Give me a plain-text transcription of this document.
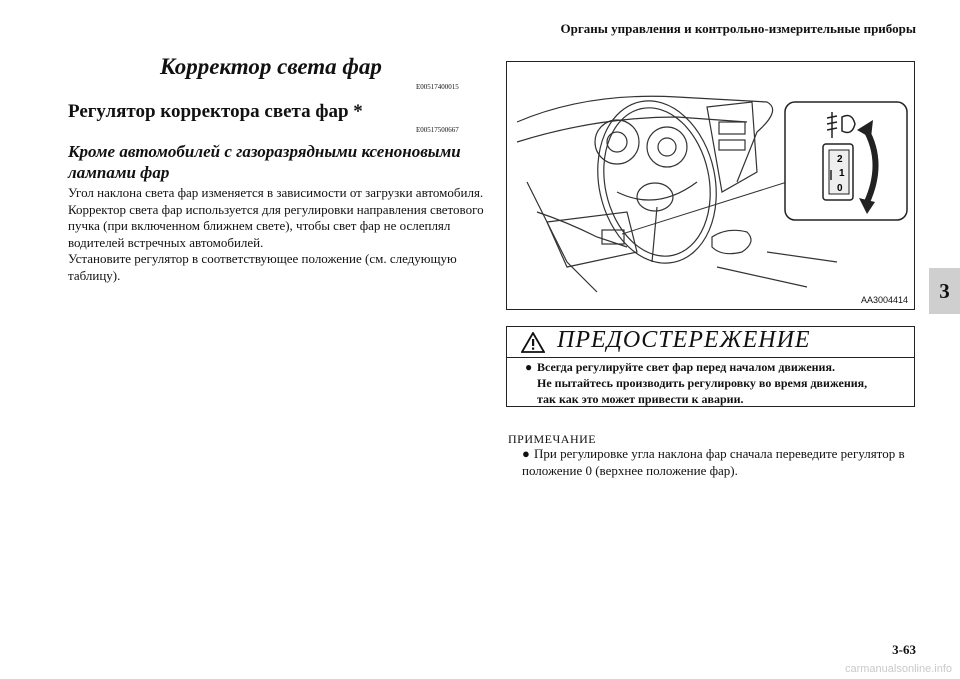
Органы управления и контрольно-измерительные приборы
3
Корректор света фар
E00517400015
Регулятор корректора света фар *
E00517500667
Кроме автомобилей с газоразрядными ксеноновыми лампами фар

Угол наклона света фар изменяется в зависимости от загрузки автомобиля.

Корректор света фар используется для регулировки направления светового пучка (при включенном ближнем свете), чтобы свет фар не ослеплял водителей встречных автомобилей.

Установите регулятор в соответствующее положение (см. следующую таблицу).

2
1
0
AA3004414
ПРЕДОСТЕРЕЖЕНИЕ
● Всегда регулируйте свет фар перед началом движения.
Не пытайтесь производить регулировку во время движения,
так как это может привести к аварии.
ПРИМЕЧАНИЕ
● При регулировке угла наклона фар сначала переведите регулятор в положение 0 (верхнее положение фар).
3-63
carmanualsonline.info
